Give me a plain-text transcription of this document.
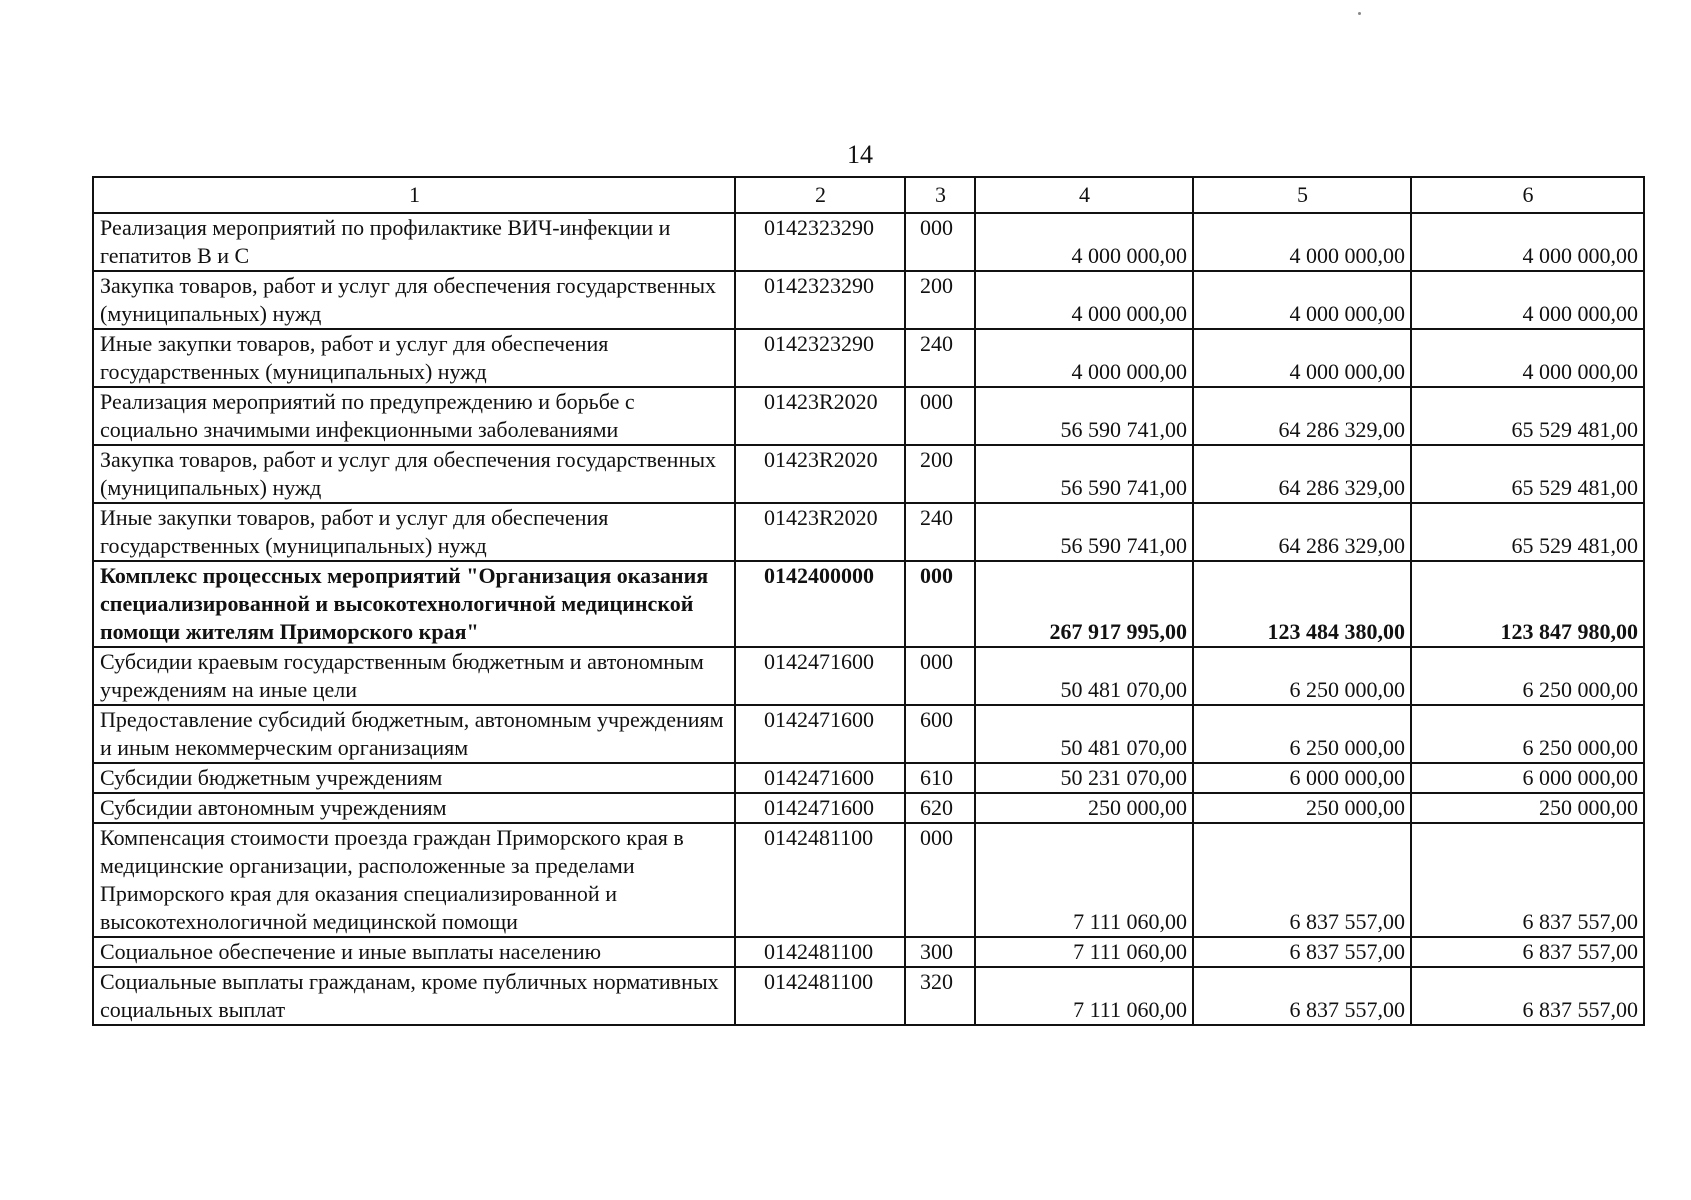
14
1	2	3	4	5	6
Реализация мероприятий по профилактике ВИЧ-инфекции и гепатитов В и С	0142323290	000	4 000 000,00	4 000 000,00	4 000 000,00
Закупка товаров, работ и услуг для обеспечения государственных (муниципальных) нужд	0142323290	200	4 000 000,00	4 000 000,00	4 000 000,00
Иные закупки товаров, работ и услуг для обеспечения государственных (муниципальных) нужд	0142323290	240	4 000 000,00	4 000 000,00	4 000 000,00
Реализация мероприятий по предупреждению и борьбе с социально значимыми инфекционными заболеваниями	01423R2020	000	56 590 741,00	64 286 329,00	65 529 481,00
Закупка товаров, работ и услуг для обеспечения государственных (муниципальных) нужд	01423R2020	200	56 590 741,00	64 286 329,00	65 529 481,00
Иные закупки товаров, работ и услуг для обеспечения государственных (муниципальных) нужд	01423R2020	240	56 590 741,00	64 286 329,00	65 529 481,00
Комплекс процессных мероприятий "Организация оказания специализированной и высокотехнологичной медицинской помощи жителям Приморского края"	0142400000	000	267 917 995,00	123 484 380,00	123 847 980,00
Субсидии краевым государственным бюджетным и автономным учреждениям на иные цели	0142471600	000	50 481 070,00	6 250 000,00	6 250 000,00
Предоставление субсидий бюджетным, автономным учреждениям и иным некоммерческим организациям	0142471600	600	50 481 070,00	6 250 000,00	6 250 000,00
Субсидии бюджетным учреждениям	0142471600	610	50 231 070,00	6 000 000,00	6 000 000,00
Субсидии автономным учреждениям	0142471600	620	250 000,00	250 000,00	250 000,00
Компенсация стоимости проезда граждан Приморского края в медицинские организации, расположенные за пределами Приморского края для оказания специализированной и высокотехнологичной медицинской помощи	0142481100	000	7 111 060,00	6 837 557,00	6 837 557,00
Социальное обеспечение и иные выплаты населению	0142481100	300	7 111 060,00	6 837 557,00	6 837 557,00
Социальные выплаты гражданам, кроме публичных нормативных социальных выплат	0142481100	320	7 111 060,00	6 837 557,00	6 837 557,00
